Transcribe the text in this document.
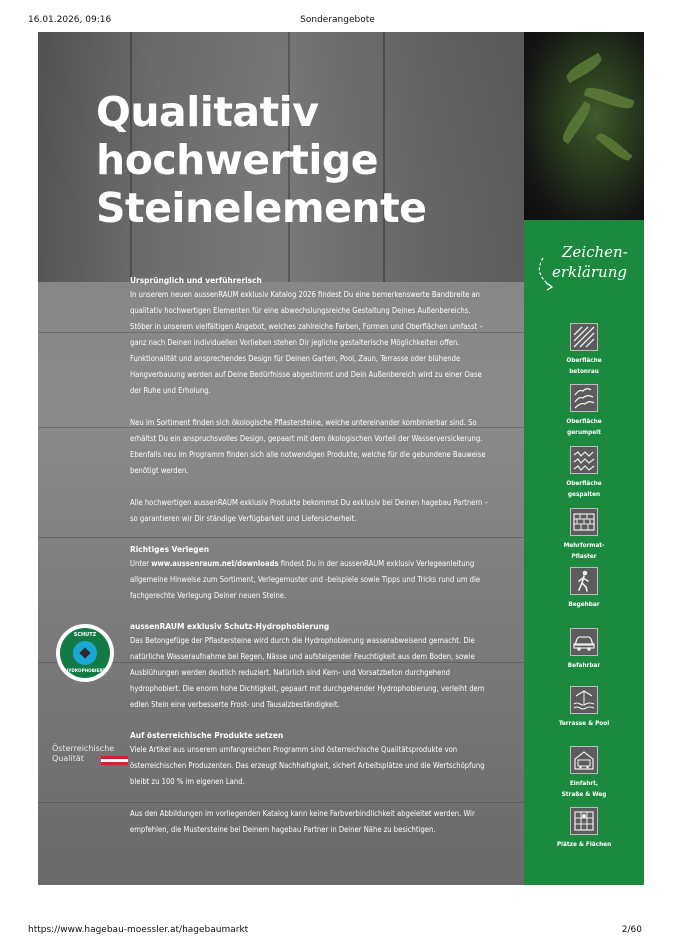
16.01.2026, 09:16	Sonderangebote
Qualitativ
hochwertige
Steinelemente
Ursprünglich und verführerisch

In unserem neuen aussenRAUM exklusiv Katalog 2026 findest Du eine bemerkenswerte Bandbreite an qualitativ hochwertigen Elementen für eine abwechslungsreiche Gestaltung Deines Außenbereichs. Stöber in unserem vielfältigen Angebot, welches zahlreiche Farben, Formen und Oberflächen umfasst – ganz nach Deinen individuellen Vorlieben stehen Dir jegliche gestalterische Möglichkeiten offen. Funktionalität und ansprechendes Design für Deinen Garten, Pool, Zaun, Terrasse oder blühende Hangverbauung werden auf Deine Bedürfnisse abgestimmt und Dein Außenbereich wird zu einer Oase der Ruhe und Erholung.

Neu im Sortiment finden sich ökologische Pflastersteine, welche untereinander kombinierbar sind. So erhältst Du ein anspruchsvolles Design, gepaart mit dem ökologischen Vorteil der Wasserversickerung. Ebenfalls neu im Programm finden sich alle notwendigen Produkte, welche für die gebundene Bauweise benötigt werden.

Alle hochwertigen aussenRAUM exklusiv Produkte bekommst Du exklusiv bei Deinen hagebau Partnern – so garantieren wir Dir ständige Verfügbarkeit und Liefersicherheit.

Richtiges Verlegen

Unter www.aussenraum.net/downloads findest Du in der aussenRAUM exklusiv Verlegeanleitung allgemeine Hinweise zum Sortiment, Verlegemuster und -beispiele sowie Tipps und Tricks rund um die fachgerechte Verlegung Deiner neuen Steine.

aussenRAUM exklusiv Schutz-Hydrophobierung

Das Betongefüge der Pflastersteine wird durch die Hydrophobierung wasserabweisend gemacht. Die natürliche Wasseraufnahme bei Regen, Nässe und aufsteigender Feuchtigkeit aus dem Boden, sowie Ausblühungen werden deutlich reduziert. Natürlich sind Kern- und Vorsatzbeton durchgehend hydrophobiert. Die enorm hohe Dichtigkeit, gepaart mit durchgehender Hydrophobierung, verleiht dem edlen Stein eine verbesserte Frost- und Tausalzbeständigkeit.

Auf österreichische Produkte setzen

Viele Artikel aus unserem umfangreichen Programm sind österreichische Qualitätsprodukte von österreichischen Produzenten. Das erzeugt Nachhaltigkeit, sichert Arbeitsplätze und die Wertschöpfung bleibt zu 100 % im eigenen Land.

Aus den Abbildungen im vorliegenden Katalog kann keine Farbverbindlichkeit abgeleitet werden. Wir empfehlen, die Mustersteine bei Deinem hagebau Partner in Deiner Nähe zu besichtigen.

SCHUTZ
HYDROPHOBIERT
Österreichische
Qualität
Zeichen-
erklärung
Oberfläche
betonrau
Oberfläche
gerumpelt
Oberfläche
gespalten
Mehrformat-
Pflaster
Begehbar
Befahrbar
Terrasse & Pool
Einfahrt,
Straße & Weg
Plätze & Flächen
https://www.hagebau-moessler.at/hagebaumarkt	2/60
